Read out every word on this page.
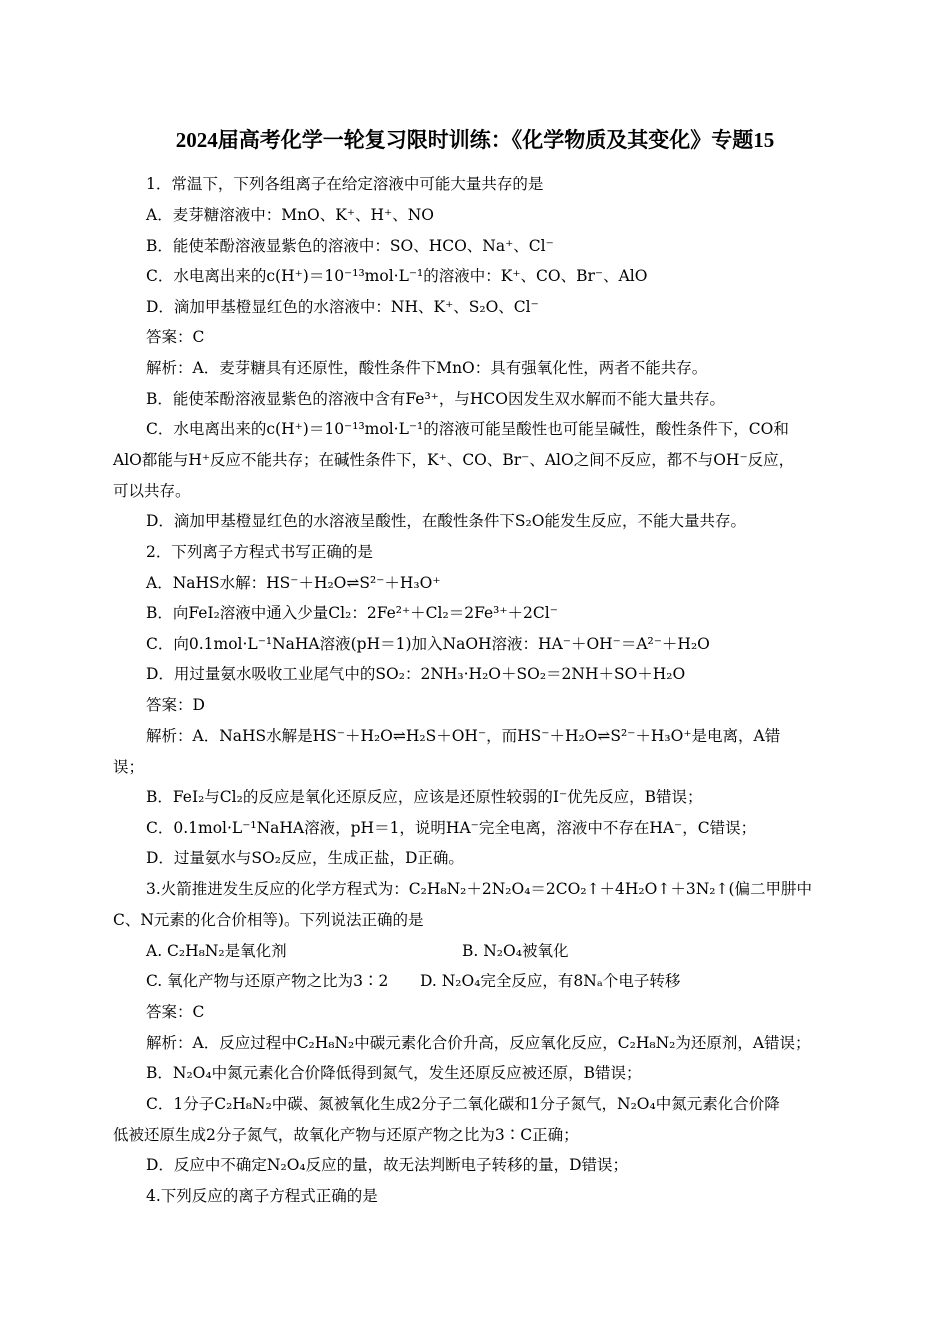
2024届高考化学一轮复习限时训练：《化学物质及其变化》专题15
1．常温下，下列各组离子在给定溶液中可能大量共存的是
A．麦芽糖溶液中：MnO、K⁺、H⁺、NO
B．能使苯酚溶液显紫色的溶液中：SO、HCO、Na⁺、Cl⁻
C．水电离出来的c(H⁺)＝10⁻¹³mol·L⁻¹的溶液中：K⁺、CO、Br⁻、AlO
D．滴加甲基橙显红色的水溶液中：NH、K⁺、S₂O、Cl⁻
答案：C
解析：A．麦芽糖具有还原性，酸性条件下MnO：具有强氧化性，两者不能共存。
B．能使苯酚溶液显紫色的溶液中含有Fe³⁺，与HCO因发生双水解而不能大量共存。
C．水电离出来的c(H⁺)＝10⁻¹³mol·L⁻¹的溶液可能呈酸性也可能呈碱性，酸性条件下，CO和
AlO都能与H⁺反应不能共存；在碱性条件下，K⁺、CO、Br⁻、AlO之间不反应，都不与OH⁻反应，
可以共存。
D．滴加甲基橙显红色的水溶液呈酸性，在酸性条件下S₂O能发生反应，不能大量共存。
2．下列离子方程式书写正确的是
A．NaHS水解：HS⁻＋H₂O⇌S²⁻＋H₃O⁺
B．向FeI₂溶液中通入少量Cl₂：2Fe²⁺＋Cl₂＝2Fe³⁺＋2Cl⁻
C．向0.1mol·L⁻¹NaHA溶液(pH＝1)加入NaOH溶液：HA⁻＋OH⁻＝A²⁻＋H₂O
D．用过量氨水吸收工业尾气中的SO₂：2NH₃·H₂O＋SO₂＝2NH＋SO＋H₂O
答案：D
解析：A．NaHS水解是HS⁻＋H₂O⇌H₂S＋OH⁻，而HS⁻＋H₂O⇌S²⁻＋H₃O⁺是电离，A错
误；
B．FeI₂与Cl₂的反应是氧化还原反应，应该是还原性较弱的I⁻优先反应，B错误；
C．0.1mol·L⁻¹NaHA溶液，pH＝1，说明HA⁻完全电离，溶液中不存在HA⁻，C错误；
D．过量氨水与SO₂反应，生成正盐，D正确。
3.火箭推进发生反应的化学方程式为：C₂H₈N₂＋2N₂O₄＝2CO₂↑＋4H₂O↑＋3N₂↑(偏二甲肼中
C、N元素的化合价相等)。下列说法正确的是
A. C₂H₈N₂是氧化剂	B. N₂O₄被氧化
C. 氧化产物与还原产物之比为3∶2 D. N₂O₄完全反应，有8Nₐ个电子转移
答案：C
解析：A．反应过程中C₂H₈N₂中碳元素化合价升高，反应氧化反应，C₂H₈N₂为还原剂，A错误；
B．N₂O₄中氮元素化合价降低得到氮气，发生还原反应被还原，B错误；
C．1分子C₂H₈N₂中碳、氮被氧化生成2分子二氧化碳和1分子氮气，N₂O₄中氮元素化合价降
低被还原生成2分子氮气，故氧化产物与还原产物之比为3∶C正确；
D．反应中不确定N₂O₄反应的量，故无法判断电子转移的量，D错误；
4.下列反应的离子方程式正确的是
